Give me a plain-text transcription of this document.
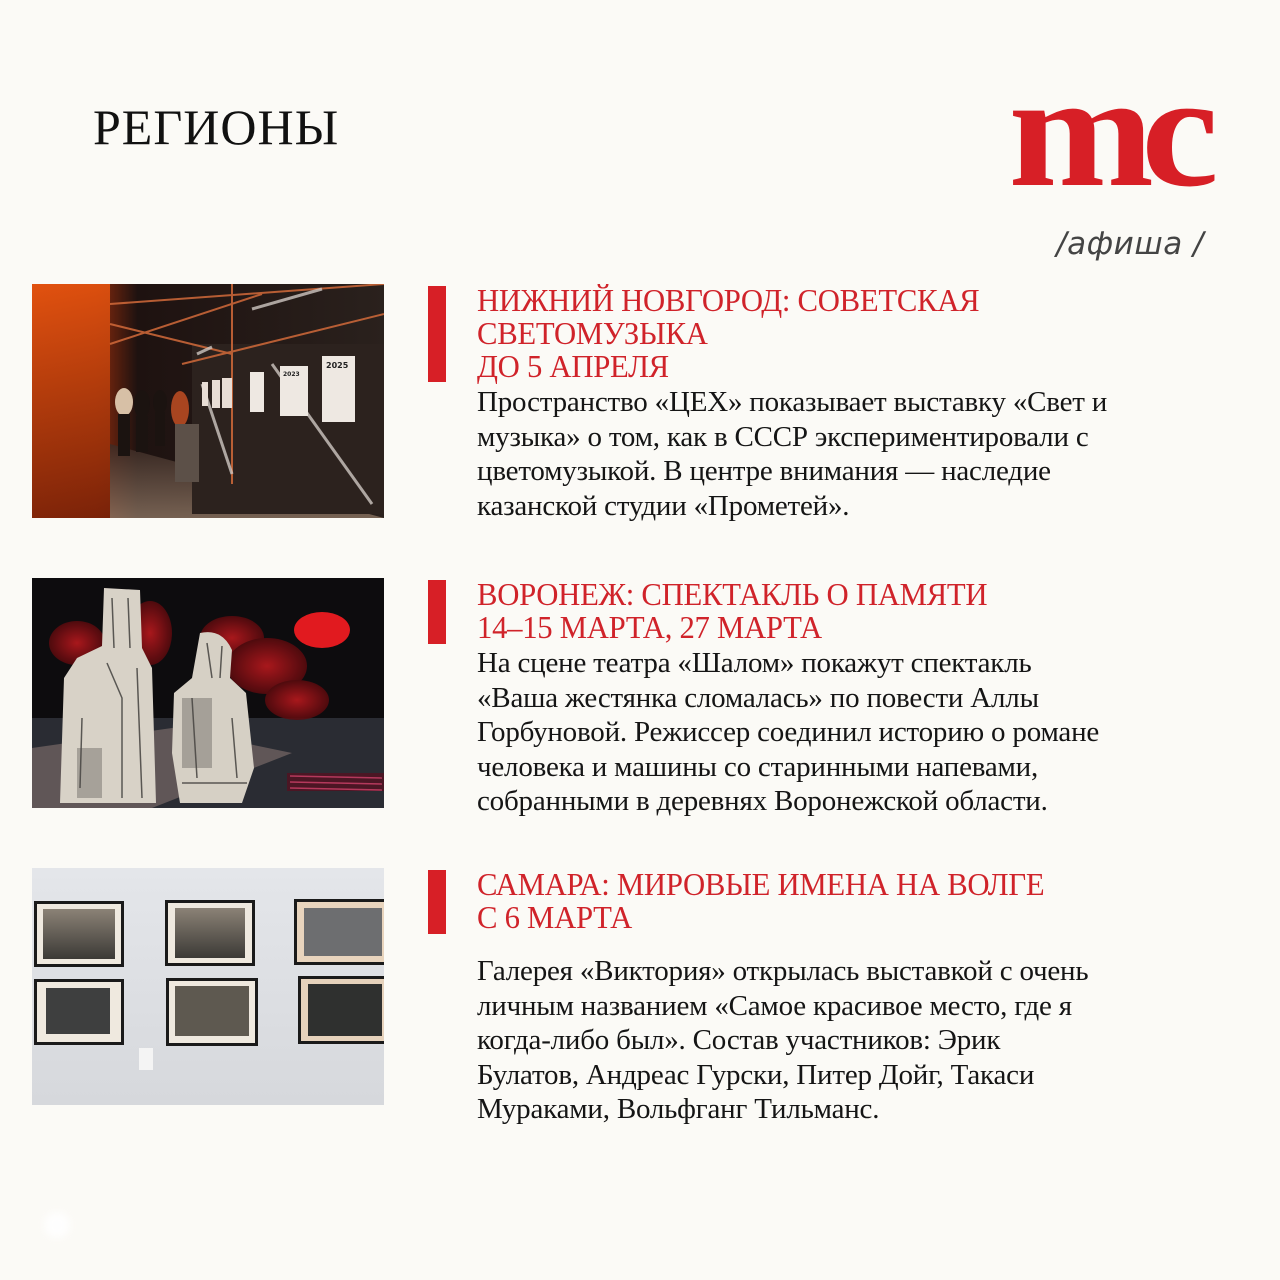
РЕГИОНЫ	mc
/афиша /
2025
2023
НИЖНИЙ НОВГОРОД: СОВЕТСКАЯ
СВЕТОМУЗЫКА
ДО 5 АПРЕЛЯ

Пространство «ЦЕХ» показывает выставку «Свет и
музыка» о том, как в СССР экспериментировали с
цветомузыкой. В центре внимания — наследие
казанской студии «Прометей».

ВОРОНЕЖ: СПЕКТАКЛЬ О ПАМЯТИ
14–15 МАРТА, 27 МАРТА

На сцене театра «Шалом» покажут спектакль
«Ваша жестянка сломалась» по повести Аллы
Горбуновой. Режиссер соединил историю о романе
человека и машины со старинными напевами,
собранными в деревнях Воронежской области.

САМАРА: МИРОВЫЕ ИМЕНА НА ВОЛГЕ
С 6 МАРТА

Галерея «Виктория» открылась выставкой с очень
личным названием «Самое красивое место, где я
когда-либо был». Состав участников: Эрик
Булатов, Андреас Гурски, Питер Дойг, Такаси
Мураками, Вольфганг Тильманс.
